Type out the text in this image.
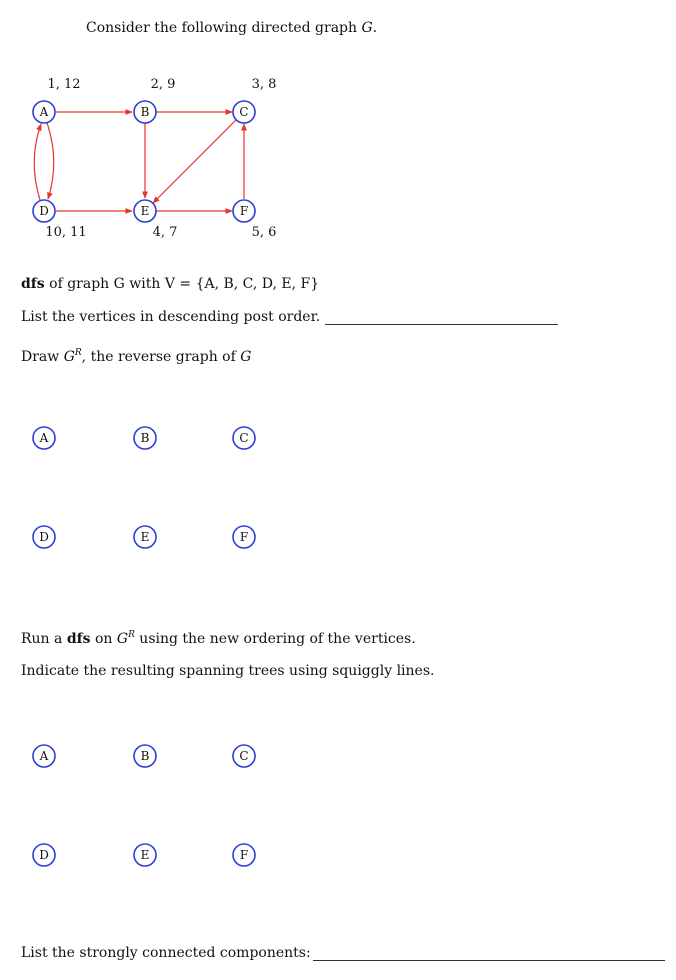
Consider the following directed graph G.
1, 12	2, 9	3, 8
10, 11	4, 7	5, 6
A	B	C
D	E	F
A	B	C
D	E	F
A	B	C
D	E	F
dfs of graph G with V = {A, B, C, D, E, F}
List the vertices in descending post order.
Draw $G^R$, the reverse graph of G
Run a dfs on $G^R$ using the new ordering of the vertices.
Indicate the resulting spanning trees using squiggly lines.
List the strongly connected components:
